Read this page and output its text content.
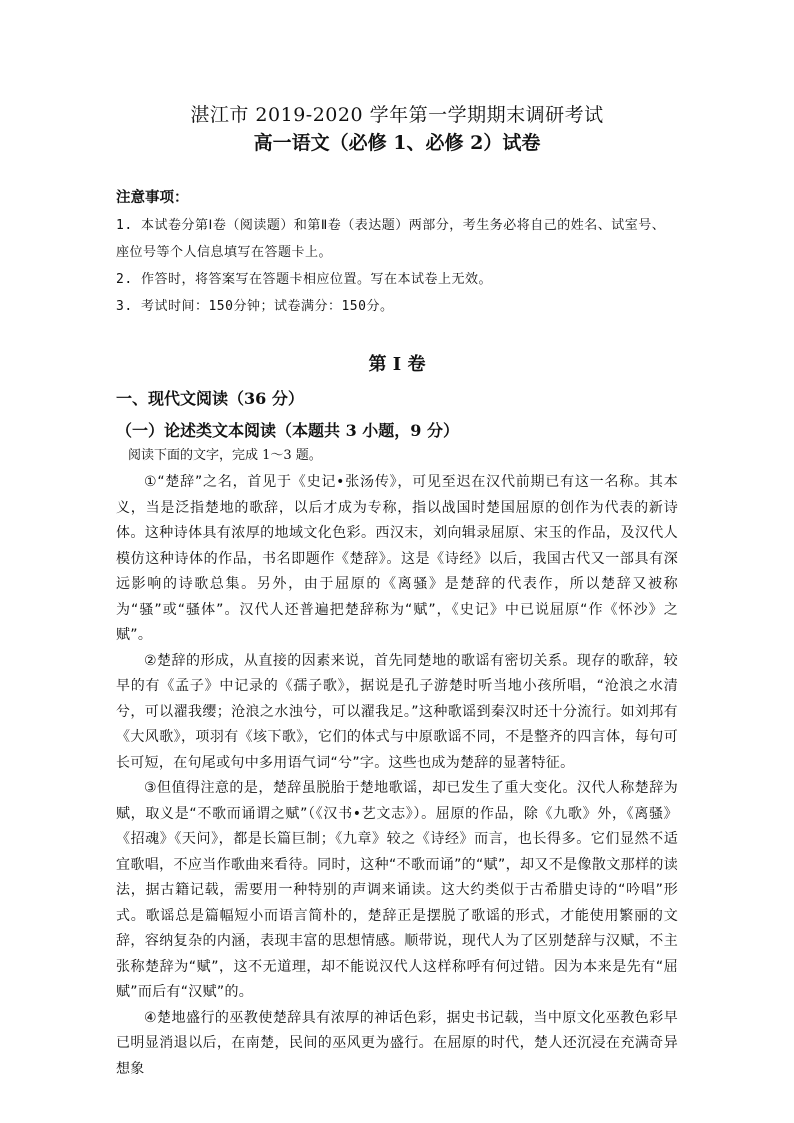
湛江市 2019-2020 学年第一学期期末调研考试
高一语文（必修 1、必修 2）试卷
注意事项：
1. 本试卷分第Ⅰ卷（阅读题）和第Ⅱ卷（表达题）两部分，考生务必将自己的姓名、试室号、
座位号等个人信息填写在答题卡上。
2. 作答时，将答案写在答题卡相应位置。写在本试卷上无效。
3. 考试时间：150分钟；试卷满分：150分。
第 I 卷
一、现代文阅读（36 分）
（一）论述类文本阅读（本题共 3 小题，9 分）
阅读下面的文字，完成 1～3 题。

①“楚辞”之名，首见于《史记•张汤传》，可见至迟在汉代前期已有这一名称。其本义，当是泛指楚地的歌辞，以后才成为专称，指以战国时楚国屈原的创作为代表的新诗体。这种诗体具有浓厚的地域文化色彩。西汉末，刘向辑录屈原、宋玉的作品，及汉代人模仿这种诗体的作品，书名即题作《楚辞》。这是《诗经》以后，我国古代又一部具有深远影响的诗歌总集。另外，由于屈原的《离骚》是楚辞的代表作，所以楚辞又被称为“骚”或“骚体”。汉代人还普遍把楚辞称为“赋”，《史记》中已说屈原“作《怀沙》之赋”。

②楚辞的形成，从直接的因素来说，首先同楚地的歌谣有密切关系。现存的歌辞，较早的有《孟子》中记录的《孺子歌》，据说是孔子游楚时听当地小孩所唱，“沧浪之水清兮，可以濯我缨；沧浪之水浊兮，可以濯我足。”这种歌谣到秦汉时还十分流行。如刘邦有《大风歌》，项羽有《垓下歌》，它们的体式与中原歌谣不同，不是整齐的四言体，每句可长可短，在句尾或句中多用语气词“兮”字。这些也成为楚辞的显著特征。

③但值得注意的是，楚辞虽脱胎于楚地歌谣，却已发生了重大变化。汉代人称楚辞为赋，取义是“不歌而诵谓之赋”（《汉书•艺文志》）。屈原的作品，除《九歌》外，《离骚》《招魂》《天问》，都是长篇巨制；《九章》较之《诗经》而言，也长得多。它们显然不适宜歌唱，不应当作歌曲来看待。同时，这种“不歌而诵”的“赋”，却又不是像散文那样的读法，据古籍记载，需要用一种特别的声调来诵读。这大约类似于古希腊史诗的“吟唱”形式。歌谣总是篇幅短小而语言简朴的，楚辞正是摆脱了歌谣的形式，才能使用繁丽的文辞，容纳复杂的内涵，表现丰富的思想情感。顺带说，现代人为了区别楚辞与汉赋，不主张称楚辞为“赋”，这不无道理，却不能说汉代人这样称呼有何过错。因为本来是先有“屈赋”而后有“汉赋”的。

④楚地盛行的巫教使楚辞具有浓厚的神话色彩，据史书记载，当中原文化巫教色彩早已明显消退以后，在南楚，民间的巫风更为盛行。在屈原的时代，楚人还沉浸在充满奇异想象
